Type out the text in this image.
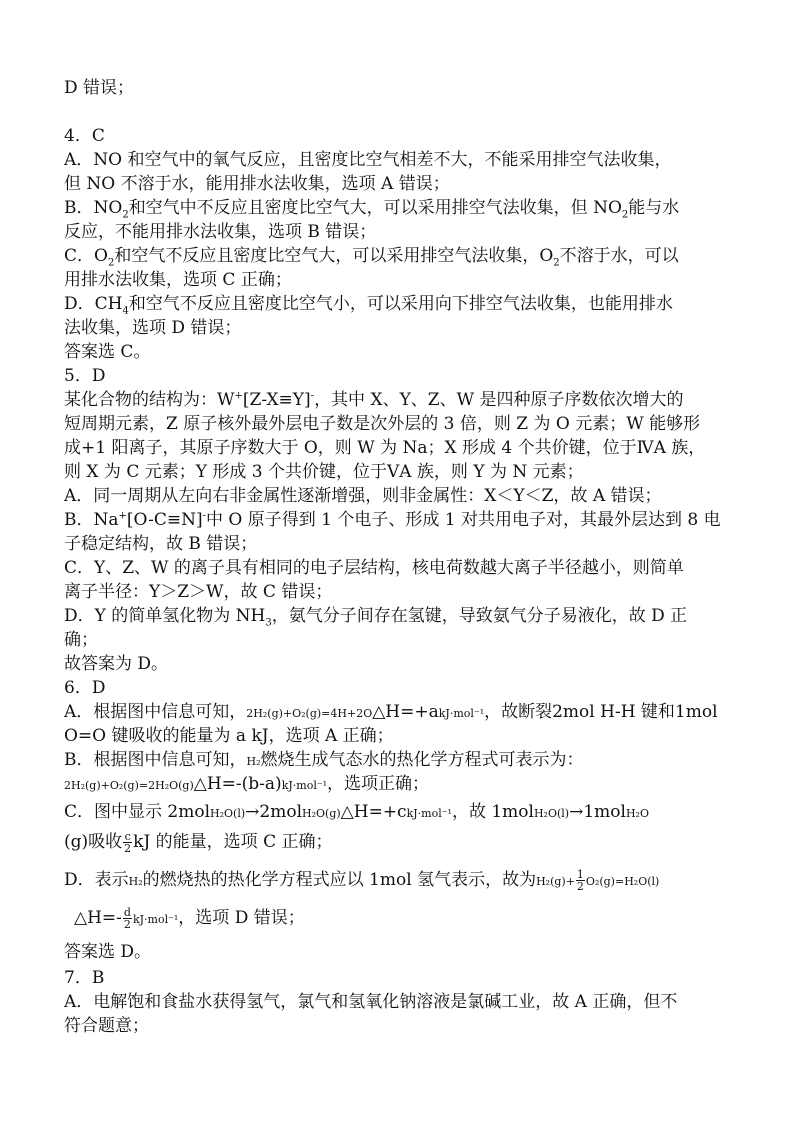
D 错误；
4．C
A．NO 和空气中的氧气反应，且密度比空气相差不大，不能采用排空气法收集，
但 NO 不溶于水，能用排水法收集，选项 A 错误；
B．$NO_2$和空气中不反应且密度比空气大，可以采用排空气法收集，但 $NO_2$能与水
反应，不能用排水法收集，选项 B 错误；
C．$O_2$和空气不反应且密度比空气大，可以采用排空气法收集，$O_2$不溶于水，可以
用排水法收集，选项 C 正确；
D．$CH_4$和空气不反应且密度比空气小，可以采用向下排空气法收集，也能用排水
法收集，选项 D 错误；
答案选 C。
5．D
某化合物的结构为：W+[Z-X≡Y]-，其中 X、Y、Z、W 是四种原子序数依次增大的
短周期元素，Z 原子核外最外层电子数是次外层的 3 倍，则 Z 为 O 元素；W 能够形
成+1 阳离子，其原子序数大于 O，则 W 为 Na；X 形成 4 个共价键，位于ⅣA 族，
则 X 为 C 元素；Y 形成 3 个共价键，位于ⅤA 族，则 Y 为 N 元素；
A．同一周期从左向右非金属性逐渐增强，则非金属性：X＜Y＜Z，故 A 错误；
B．Na+[O-C≡N]-中 O 原子得到 1 个电子、形成 1 对共用电子对，其最外层达到 8 电
子稳定结构，故 B 错误；
C．Y、Z、W 的离子具有相同的电子层结构，核电荷数越大离子半径越小，则简单
离子半径：Y＞Z＞W，故 C 错误；
D．Y 的简单氢化物为 $NH_3$，氨气分子间存在氢键，导致氨气分子易液化，故 D 正
确；
故答案为 D。
6．D
A．根据图中信息可知，2H₂(g)+O₂(g)=4H+2O△H=+akJ·mol⁻¹，故断裂2mol H-H 键和1mol
O=O 键吸收的能量为 a kJ，选项 A 正确；
B．根据图中信息可知，H₂燃烧生成气态水的热化学方程式可表示为：
2H₂(g)+O₂(g)=2H₂O(g)△H=-(b-a)kJ·mol⁻¹，选项正确；
C．图中显示 2molH₂O(l)→2molH₂O(g)△H=+ckJ·mol⁻¹，故 1molH₂O(l)→1molH₂O
(g)吸收 $\frac{c}{2}$ kJ 的能量，选项 C 正确；
D．表示H₂的燃烧热的热化学方程式应以 1mol 氢气表示，故为$H_2(g)+ \frac{1}{2} O_2(g)=H_2O(l)$
△H=- $\frac{d}{2} kJ\cdot mol^{-1}$，选项 D 错误；
答案选 D。
7．B
A．电解饱和食盐水获得氢气，氯气和氢氧化钠溶液是氯碱工业，故 A 正确，但不
符合题意；
